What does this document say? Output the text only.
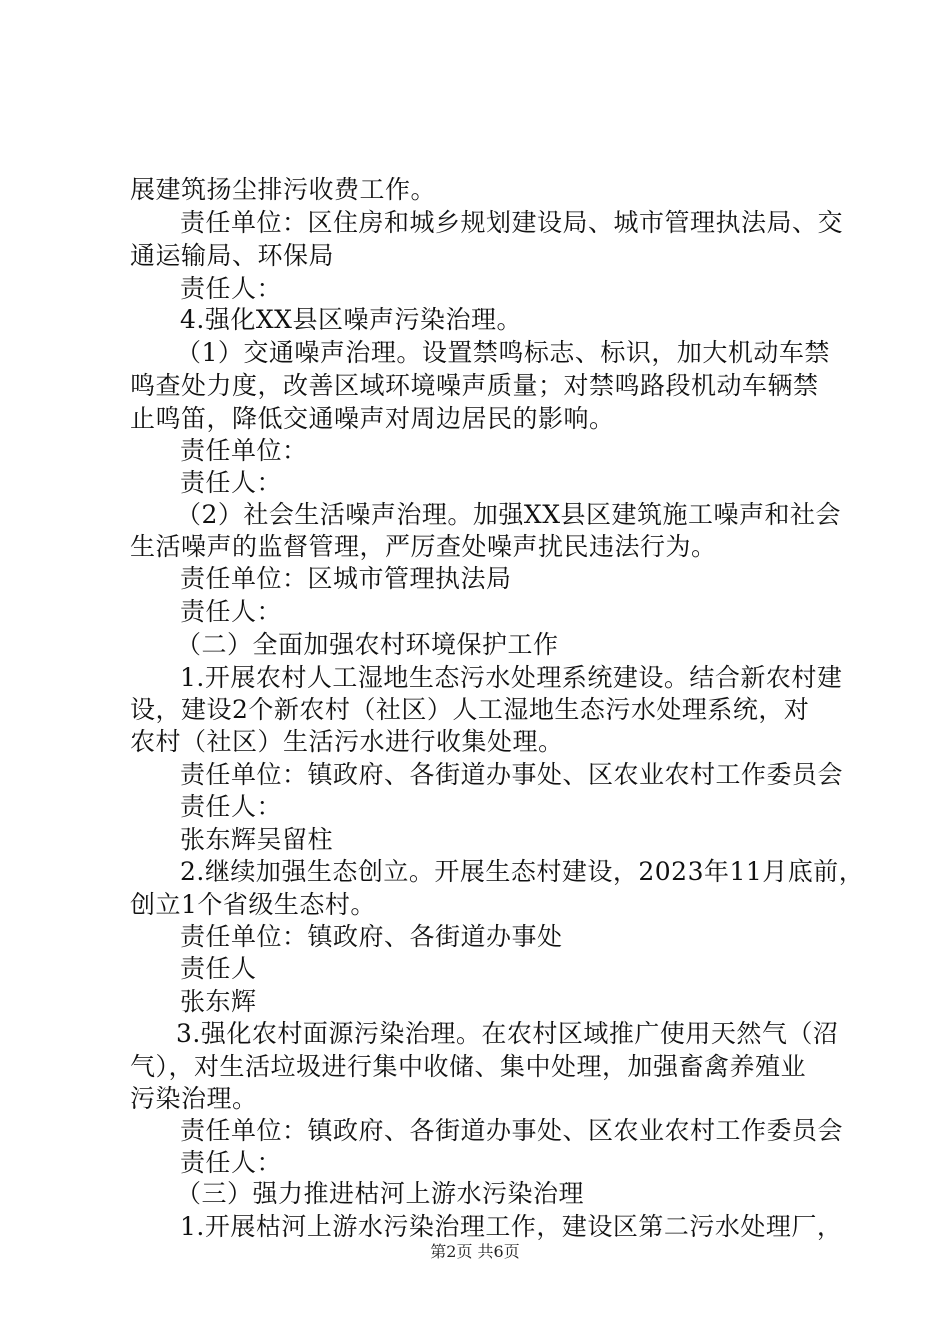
展建筑扬尘排污收费工作。
责任单位：区住房和城乡规划建设局、城市管理执法局、交
通运输局、环保局
责任人：
4.强化XX县区噪声污染治理。
（1）交通噪声治理。设置禁鸣标志、标识，加大机动车禁
鸣查处力度，改善区域环境噪声质量；对禁鸣路段机动车辆禁
止鸣笛，降低交通噪声对周边居民的影响。
责任单位：
责任人：
（2）社会生活噪声治理。加强XX县区建筑施工噪声和社会
生活噪声的监督管理，严厉查处噪声扰民违法行为。
责任单位：区城市管理执法局
责任人：
（二）全面加强农村环境保护工作
1.开展农村人工湿地生态污水处理系统建设。结合新农村建
设，建设2个新农村（社区）人工湿地生态污水处理系统，对
农村（社区）生活污水进行收集处理。
责任单位：镇政府、各街道办事处、区农业农村工作委员会
责任人：
张东辉吴留柱
2.继续加强生态创立。开展生态村建设，2023年11月底前，
创立1个省级生态村。
责任单位：镇政府、各街道办事处
责任人
张东辉
3.强化农村面源污染治理。在农村区域推广使用天然气（沼
气），对生活垃圾进行集中收储、集中处理，加强畜禽养殖业
污染治理。
责任单位：镇政府、各街道办事处、区农业农村工作委员会
责任人：
（三）强力推进枯河上游水污染治理
1.开展枯河上游水污染治理工作，建设区第二污水处理厂，
第2页 共6页
